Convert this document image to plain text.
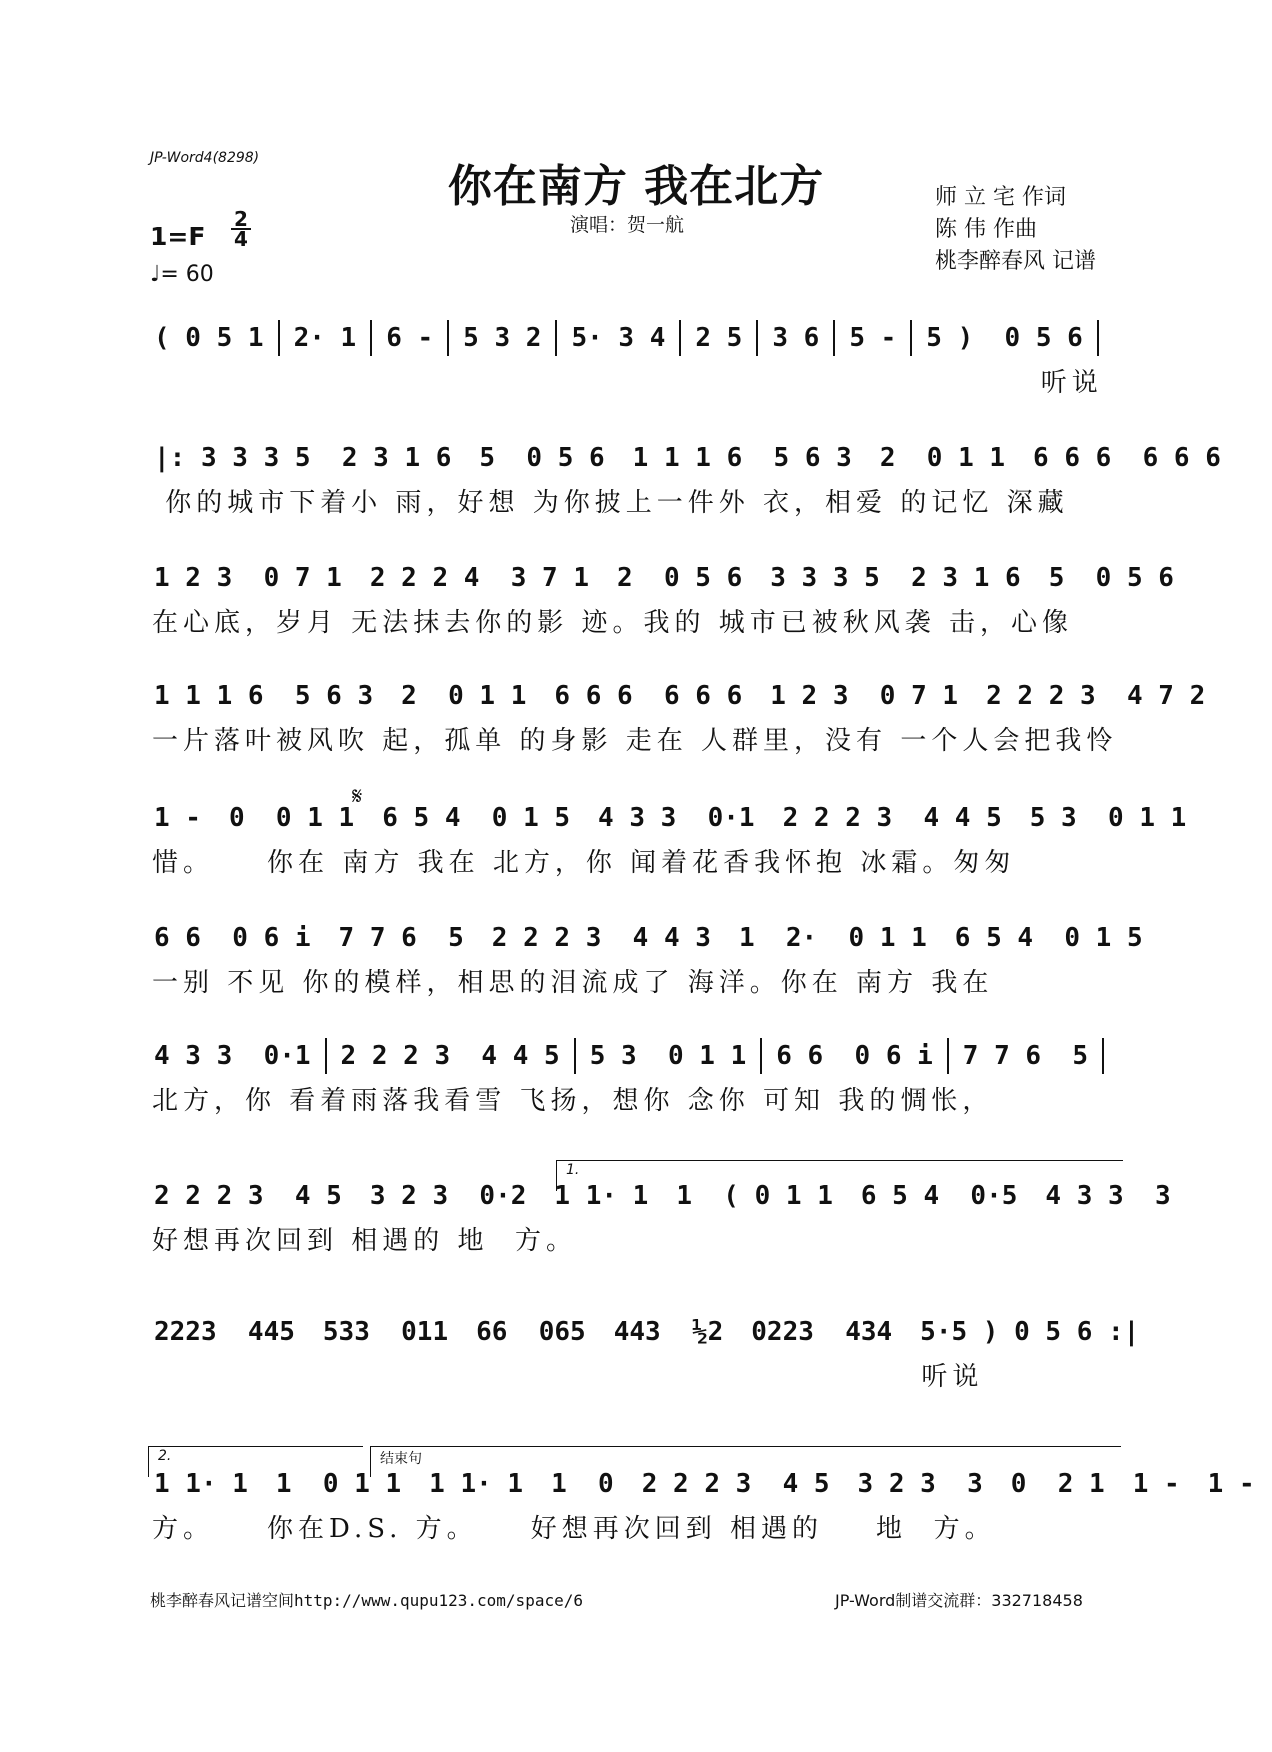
JP-Word4(8298)
你在南方 我在北方
演唱：贺一航
师 立 宅 作词
陈 伟 作曲
桃李醉春风 记谱
1=F
2
4
♩= 60
( 0 5 1 2· 1 6 - 5 3 2 5· 3 4 2 5 3 6 5 - 5 )  0 5 6
听说
|: 3 3 3 5  2 3 1 6 5  0 5 6 1 1 1 6  5 6 3 2  0 1 1 6 6 6  6 6 6
你的城市下着小 雨，好想 为你披上一件外 衣，相爱 的记忆 深藏
1 2 3  0 7 1 2 2 2 4  3 7 1 2  0 5 6 3 3 3 5  2 3 1 6 5  0 5 6
在心底，岁月 无法抹去你的影 迹。我的 城市已被秋风袭 击，心像
1 1 1 6  5 6 3 2  0 1 1 6 6 6  6 6 6 1 2 3  0 7 1 2 2 2 3  4 7 2
一片落叶被风吹 起，孤单 的身影 走在 人群里，没有 一个人会把我怜
1 - 0  0 1 1 6 5 4  0 1 5 4 3 3  0·1 2 2 2 3  4 4 5 5 3  0 1 1
惜。    你在 南方 我在 北方，你 闻着花香我怀抱 冰霜。匆匆
6 6  0 6 i 7 7 6  5 2 2 2 3  4 4 3 1  2·  0 1 1 6 5 4  0 1 5
一别 不见 你的模样，相思的泪流成了 海洋。你在 南方 我在
4 3 3  0·1 2 2 2 3  4 4 5 5 3  0 1 1 6 6  0 6 i 7 7 6  5
北方，你 看着雨落我看雪 飞扬，想你 念你 可知 我的惆怅，
2 2 2 3  4 5 3 2 3  0·2 1 1· 1 1  ( 0 1 1 6 5 4  0·5 4 3 3  3
好想再次回到 相遇的 地  方。
2223  445 533  011 66  065 443  ½2 0223  434 5·5 ) 0 5 6 :|
听说
1 1· 1 1  0 1 1 1 1· 1 1  0 2 2 2 3  4 5 3 2 3  3 0  2 1 1 - 1 -
方。    你在D.S. 方。    好想再次回到 相遇的    地  方。
𝄋
1.
2.	结束句
桃李醉春风记谱空间http://www.qupu123.com/space/6	JP-Word制谱交流群：332718458
